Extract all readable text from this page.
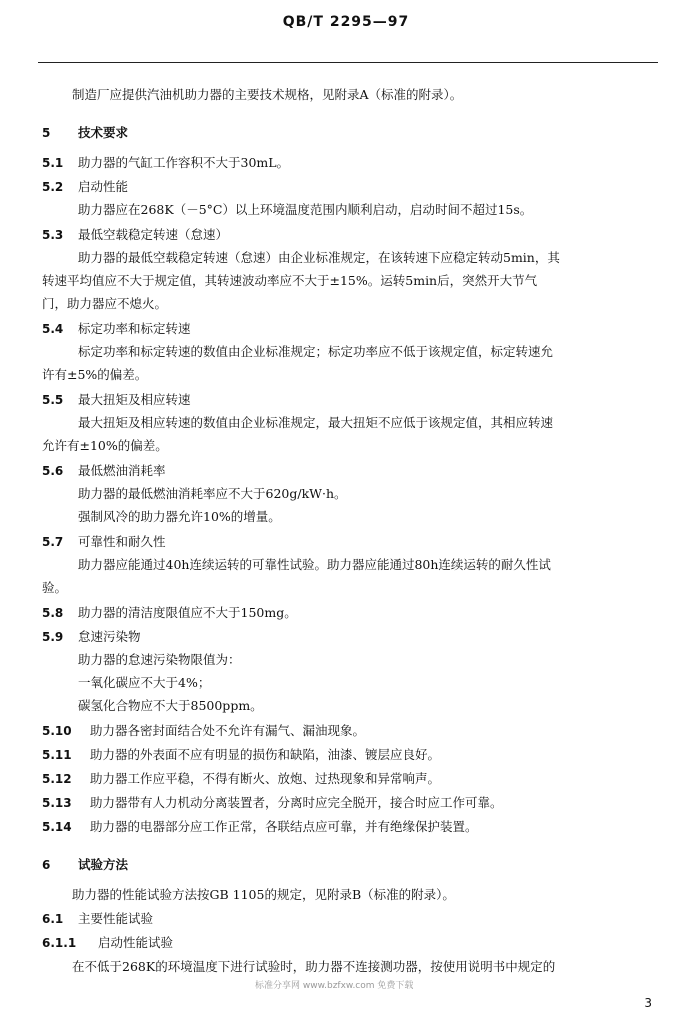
QB/T 2295—97
制造厂应提供汽油机助力器的主要技术规格，见附录A（标准的附录）。
5 技术要求
5.1 助力器的气缸工作容积不大于30mL。
5.2 启动性能
助力器应在268K（－5°C）以上环境温度范围内顺利启动，启动时间不超过15s。
5.3 最低空载稳定转速（怠速）
助力器的最低空载稳定转速（怠速）由企业标准规定，在该转速下应稳定转动5min，其
转速平均值应不大于规定值，其转速波动率应不大于±15%。运转5min后，突然开大节气
门，助力器应不熄火。
5.4 标定功率和标定转速
标定功率和标定转速的数值由企业标准规定；标定功率应不低于该规定值，标定转速允
许有±5%的偏差。
5.5 最大扭矩及相应转速
最大扭矩及相应转速的数值由企业标准规定，最大扭矩不应低于该规定值，其相应转速
允许有±10%的偏差。
5.6 最低燃油消耗率
助力器的最低燃油消耗率应不大于620g/kW·h。
强制风冷的助力器允许10%的增量。
5.7 可靠性和耐久性
助力器应能通过40h连续运转的可靠性试验。助力器应能通过80h连续运转的耐久性试
验。
5.8 助力器的清洁度限值应不大于150mg。
5.9 怠速污染物
助力器的怠速污染物限值为：
一氧化碳应不大于4%；
碳氢化合物应不大于8500ppm。
5.10 助力器各密封面结合处不允许有漏气、漏油现象。
5.11 助力器的外表面不应有明显的损伤和缺陷，油漆、镀层应良好。
5.12 助力器工作应平稳，不得有断火、放炮、过热现象和异常响声。
5.13 助力器带有人力机动分离装置者，分离时应完全脱开，接合时应工作可靠。
5.14 助力器的电器部分应工作正常，各联结点应可靠，并有绝缘保护装置。
6 试验方法
助力器的性能试验方法按GB 1105的规定，见附录B（标准的附录）。
6.1 主要性能试验
6.1.1 启动性能试验
在不低于268K的环境温度下进行试验时，助力器不连接测功器，按使用说明书中规定的
标准分享网 www.bzfxw.com 免费下载
3
